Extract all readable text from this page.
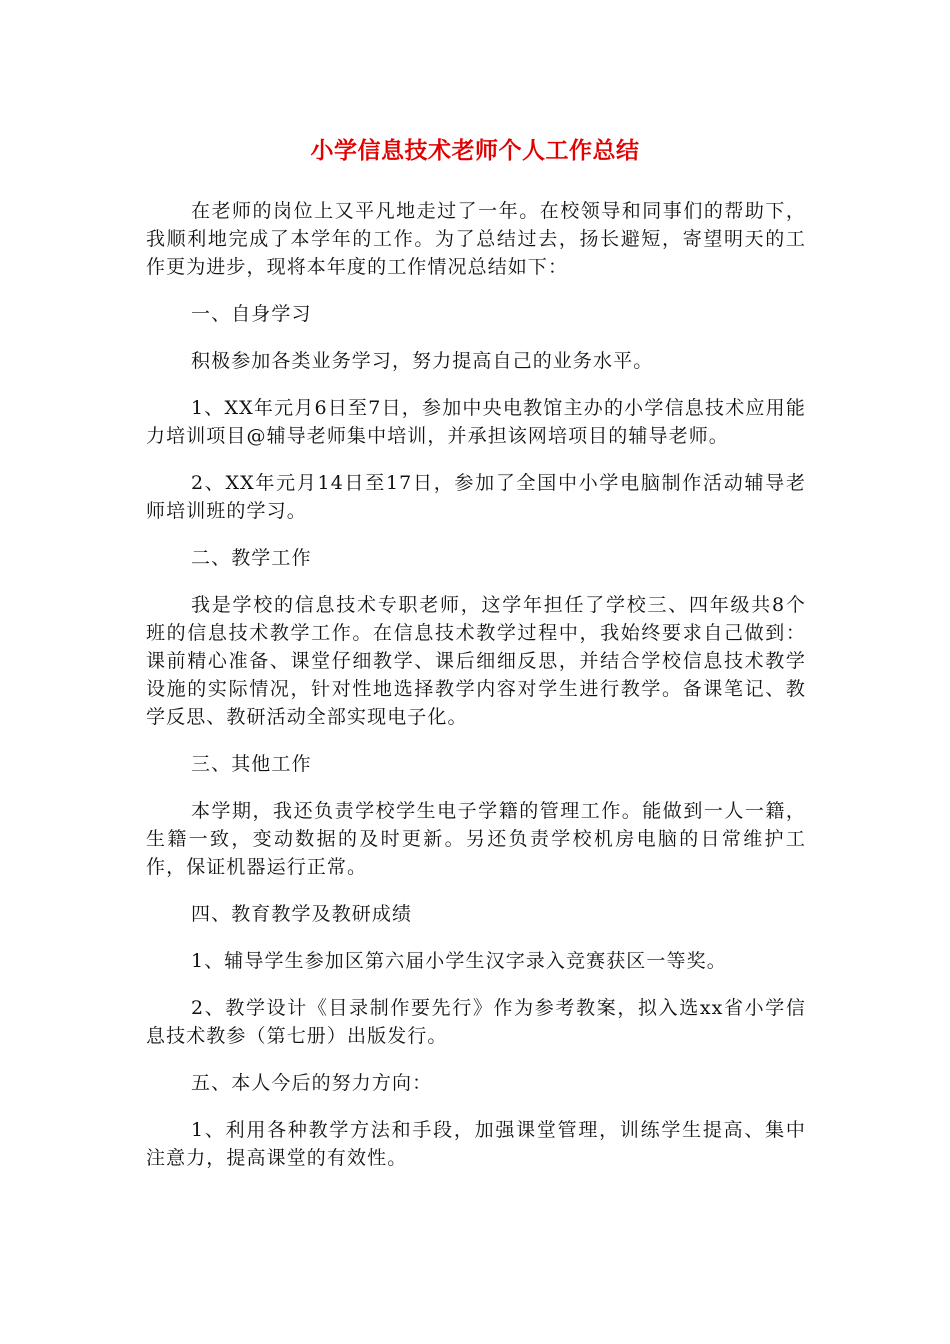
小学信息技术老师个人工作总结

在老师的岗位上又平凡地走过了一年。在校领导和同事们的帮助下，我顺利地完成了本学年的工作。为了总结过去，扬长避短，寄望明天的工作更为进步，现将本年度的工作情况总结如下：

一、自身学习

积极参加各类业务学习，努力提高自己的业务水平。

1、XX年元月6日至7日，参加中央电教馆主办的小学信息技术应用能力培训项目@辅导老师集中培训，并承担该网培项目的辅导老师。

2、XX年元月14日至17日，参加了全国中小学电脑制作活动辅导老师培训班的学习。

二、教学工作

我是学校的信息技术专职老师，这学年担任了学校三、四年级共8个班的信息技术教学工作。在信息技术教学过程中，我始终要求自己做到：课前精心准备、课堂仔细教学、课后细细反思，并结合学校信息技术教学设施的实际情况，针对性地选择教学内容对学生进行教学。备课笔记、教学反思、教研活动全部实现电子化。

三、其他工作

本学期，我还负责学校学生电子学籍的管理工作。能做到一人一籍，生籍一致，变动数据的及时更新。另还负责学校机房电脑的日常维护工作，保证机器运行正常。

四、教育教学及教研成绩

1、辅导学生参加区第六届小学生汉字录入竞赛获区一等奖。

2、教学设计《目录制作要先行》作为参考教案，拟入选xx省小学信息技术教参（第七册）出版发行。

五、本人今后的努力方向：

1、利用各种教学方法和手段，加强课堂管理，训练学生提高、集中注意力，提高课堂的有效性。
